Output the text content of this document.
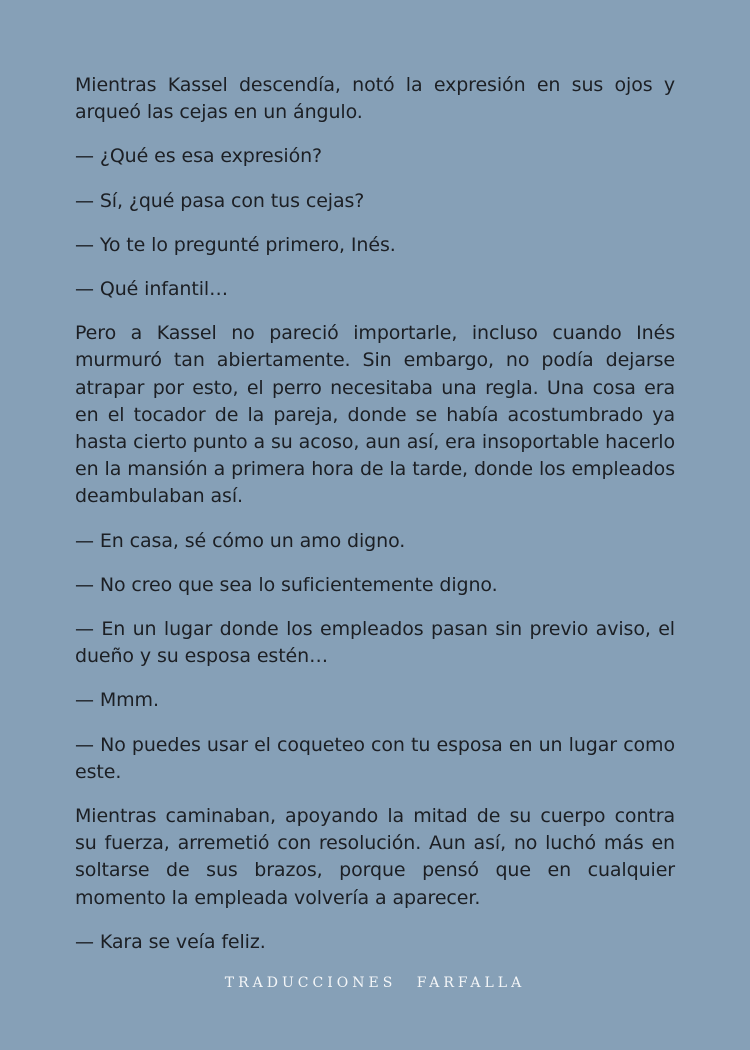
Mientras Kassel descendía, notó la expresión en sus ojos y arqueó las cejas en un ángulo.

— ¿Qué es esa expresión?

— Sí, ¿qué pasa con tus cejas?

— Yo te lo pregunté primero, Inés.

— Qué infantil…

Pero a Kassel no pareció importarle, incluso cuando Inés murmuró tan abiertamente. Sin embargo, no podía dejarse atrapar por esto, el perro necesitaba una regla. Una cosa era en el tocador de la pareja, donde se había acostumbrado ya hasta cierto punto a su acoso, aun así, era insoportable hacerlo en la mansión a primera hora de la tarde, donde los empleados deambulaban así.

— En casa, sé cómo un amo digno.

— No creo que sea lo suficientemente digno.

— En un lugar donde los empleados pasan sin previo aviso, el dueño y su esposa estén…

— Mmm.

— No puedes usar el coqueteo con tu esposa en un lugar como este.

Mientras caminaban, apoyando la mitad de su cuerpo contra su fuerza, arremetió con resolución. Aun así, no luchó más en soltarse de sus brazos, porque pensó que en cualquier momento la empleada volvería a aparecer.

— Kara se veía feliz.

TRADUCCIONES FARFALLA
